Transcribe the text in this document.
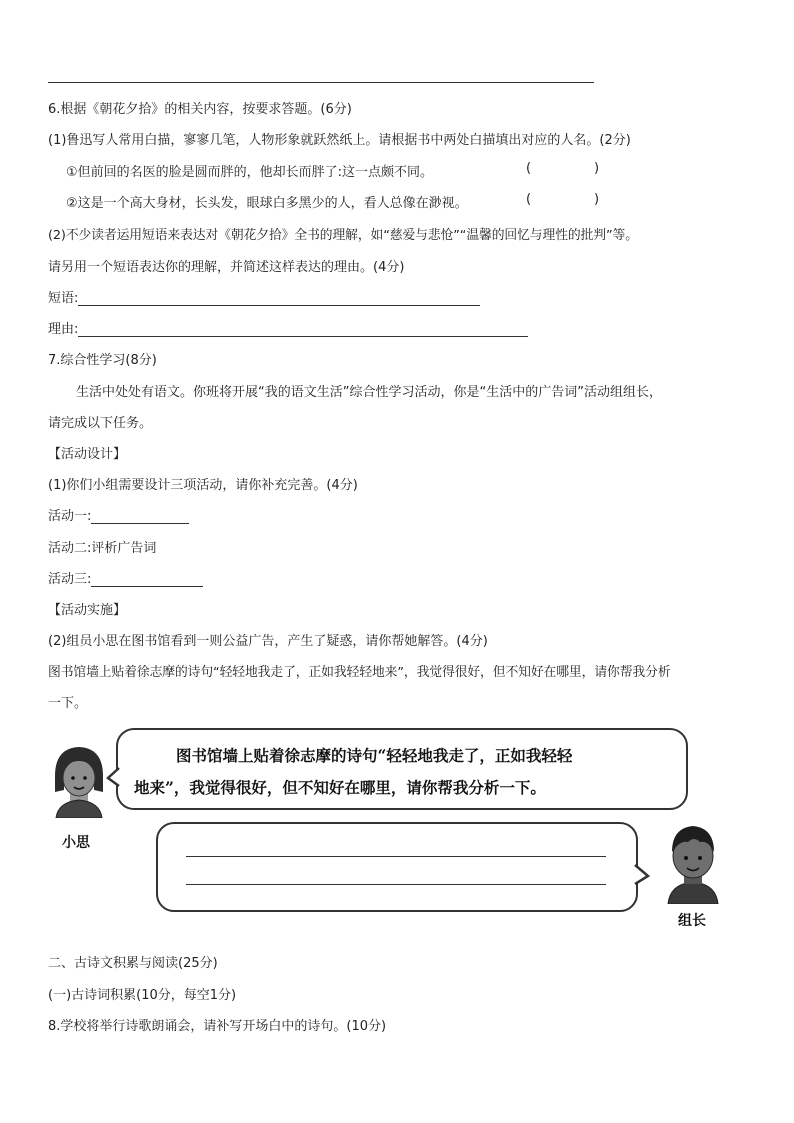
6.根据《朝花夕拾》的相关内容，按要求答题。(6分)
(1)鲁迅写人常用白描，寥寥几笔，人物形象就跃然纸上。请根据书中两处白描填出对应的人名。(2分)
①但前回的名医的脸是圆而胖的，他却长而胖了:这一点颇不同。	(	)
②这是一个高大身材，长头发，眼球白多黑少的人，看人总像在渺视。	(	)
(2)不少读者运用短语来表达对《朝花夕拾》全书的理解，如“慈爱与悲怆”“温馨的回忆与理性的批判”等。
请另用一个短语表达你的理解，并简述这样表达的理由。(4分)
短语:
理由:
7.综合性学习(8分)
生活中处处有语文。你班将开展“我的语文生活”综合性学习活动，你是“生活中的广告词”活动组组长，
请完成以下任务。
【活动设计】
(1)你们小组需要设计三项活动，请你补充完善。(4分)
活动一:
活动二:评析广告词
活动三:
【活动实施】
(2)组员小思在图书馆看到一则公益广告，产生了疑惑，请你帮她解答。(4分)
图书馆墙上贴着徐志摩的诗句“轻轻地我走了，正如我轻轻地来”，我觉得很好，但不知好在哪里，请你帮我分析
一下。
小思
图书馆墙上贴着徐志摩的诗句“轻轻地我走了，正如我轻轻
地来”，我觉得很好，但不知好在哪里，请你帮我分析一下。
组长
二、古诗文积累与阅读(25分)
(一)古诗词积累(10分，每空1分)
8.学校将举行诗歌朗诵会，请补写开场白中的诗句。(10分)
